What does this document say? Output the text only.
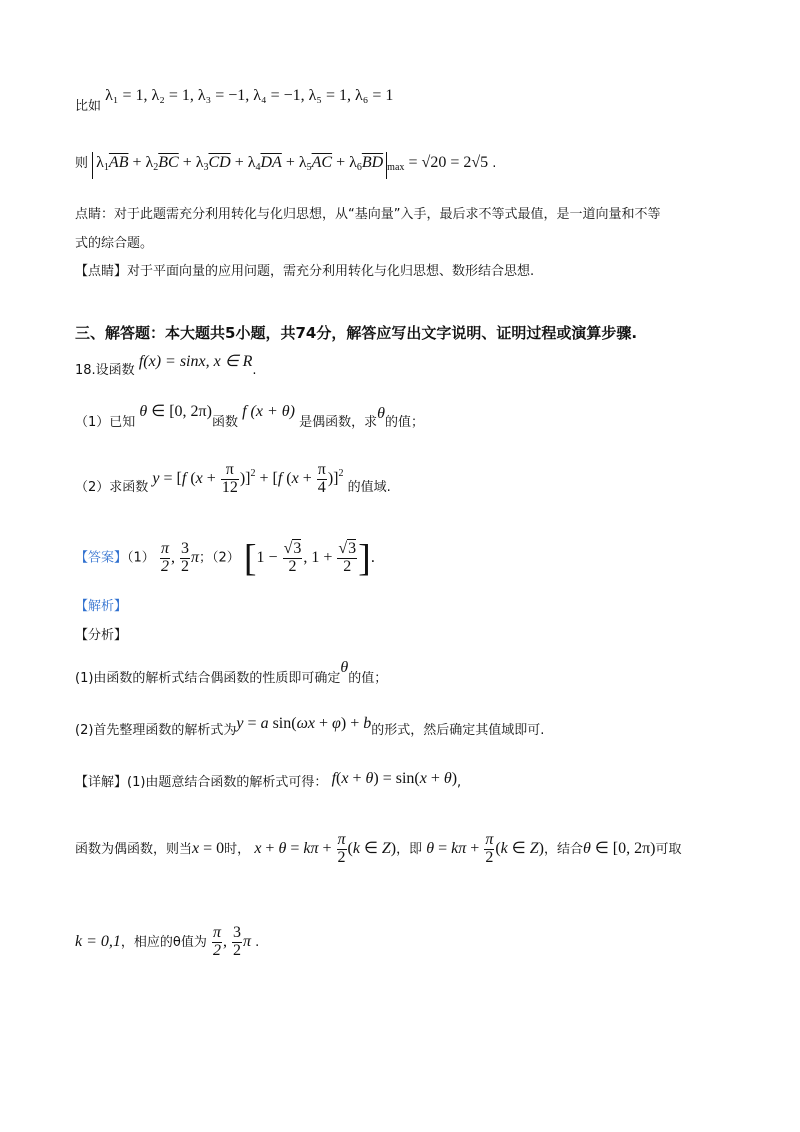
比如 λ₁ = 1, λ₂ = 1, λ₃ = −1, λ₄ = −1, λ₅ = 1, λ₆ = 1
则 $\lambda_1\overline{AB} + \lambda_2\overline{BC} + \lambda_3\overline{CD} + \lambda_4\overline{DA} + \lambda_5\overline{AC} + \lambda_6\overline{BD}$ $_{max}$ = √20 = 2√5 .
点睛：对于此题需充分利用转化与化归思想，从“基向量”入手，最后求不等式最值，是一道向量和不等
式的综合题。
【点睛】对于平面向量的应用问题，需充分利用转化与化归思想、数形结合思想.
三、解答题：本大题共5小题，共74分，解答应写出文字说明、证明过程或演算步骤.
18.设函数 f(x) = sinx, x ∈ R.
（1）已知 θ ∈ [0, 2π)函数 f (x + θ) 是偶函数，求θ的值；
（2）求函数 y = [f $(x + \frac{\pi}{12} )]^2 + [f$ $(x + \frac{\pi}{4} )]^2$ 的值域.
【答案】$(1) \frac{\pi}{2}$ , $\frac{3}{2}$ π；（2） [$1 - \frac{√3}{2}$ , $1 + \frac{√3}{2}$ ].
【解析】
【分析】
(1)由函数的解析式结合偶函数的性质即可确定θ的值；
(2)首先整理函数的解析式为y = a sin(ωx + φ) + b的形式，然后确定其值域即可.
【详解】(1)由题意结合函数的解析式可得： f(x + θ) = sin(x + θ),
函数为偶函数，则当x = 0时， $x + \theta = k\pi + \frac{\pi}{2} (k$ ∈ Z)，即 $\theta = k\pi + \frac{\pi}{2} (k$ ∈ Z)，结合θ ∈ [0, 2π)可取
k = 0,1，相应的θ值为 $\frac{\pi}{2}$ , $\frac{3}{2}$ π .
